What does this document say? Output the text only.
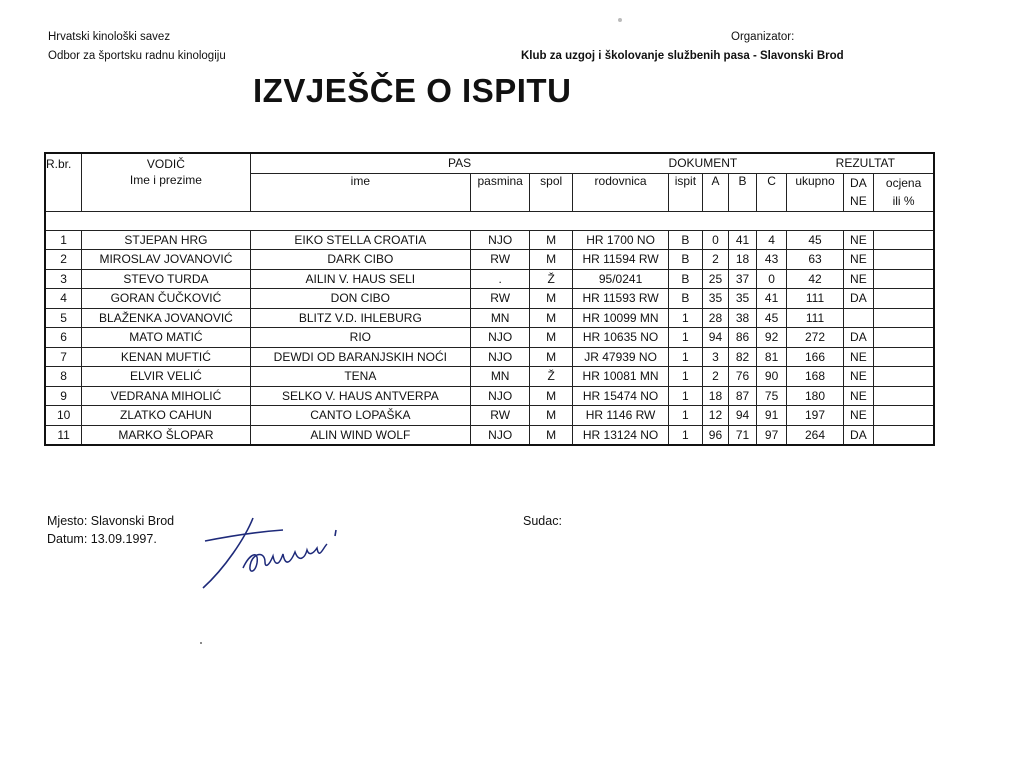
Hrvatski kinološki savez
Odbor za športsku radnu kinologiju
Organizator:
Klub za uzgoj i školovanje službenih pasa - Slavonski Brod
IZVJEŠČE O ISPITU
R.br.	VODIČ	PAS				DOKUMENT				REZULTAT		
	Ime i prezime	ime	pasmina	spol	rodovnica	ispit	A	B	C	ukupno	DA	ocjena
											NE	ili %

1	STJEPAN HRG	EIKO STELLA CROATIA	NJO	M	HR 1700 NO	B	0	41	4	45	NE	
2	MIROSLAV JOVANOVIĆ	DARK CIBO	RW	M	HR 11594 RW	B	2	18	43	63	NE	
3	STEVO TURDA	AILIN V. HAUS SELI	.	Ž	95/0241	B	25	37	0	42	NE	
4	GORAN ČUČKOVIĆ	DON CIBO	RW	M	HR 11593 RW	B	35	35	41	111	DA	
5	BLAŽENKA JOVANOVIĆ	BLITZ V.D. IHLEBURG	MN	M	HR 10099 MN	1	28	38	45	111		
6	MATO MATIĆ	RIO	NJO	M	HR 10635 NO	1	94	86	92	272	DA	
7	KENAN MUFTIĆ	DEWDI OD BARANJSKIH NOĆI	NJO	M	JR 47939 NO	1	3	82	81	166	NE	
8	ELVIR VELIĆ	TENA	MN	Ž	HR 10081 MN	1	2	76	90	168	NE	
9	VEDRANA MIHOLIĆ	SELKO V. HAUS ANTVERPA	NJO	M	HR 15474 NO	1	18	87	75	180	NE	
10	ZLATKO CAHUN	CANTO LOPAŠKA	RW	M	HR 1146 RW	1	12	94	91	197	NE	
11	MARKO ŠLOPAR	ALIN WIND WOLF	NJO	M	HR 13124 NO	1	96	71	97	264	DA	
Mjesto: Slavonski Brod
Datum: 13.09.1997.
Sudac:
